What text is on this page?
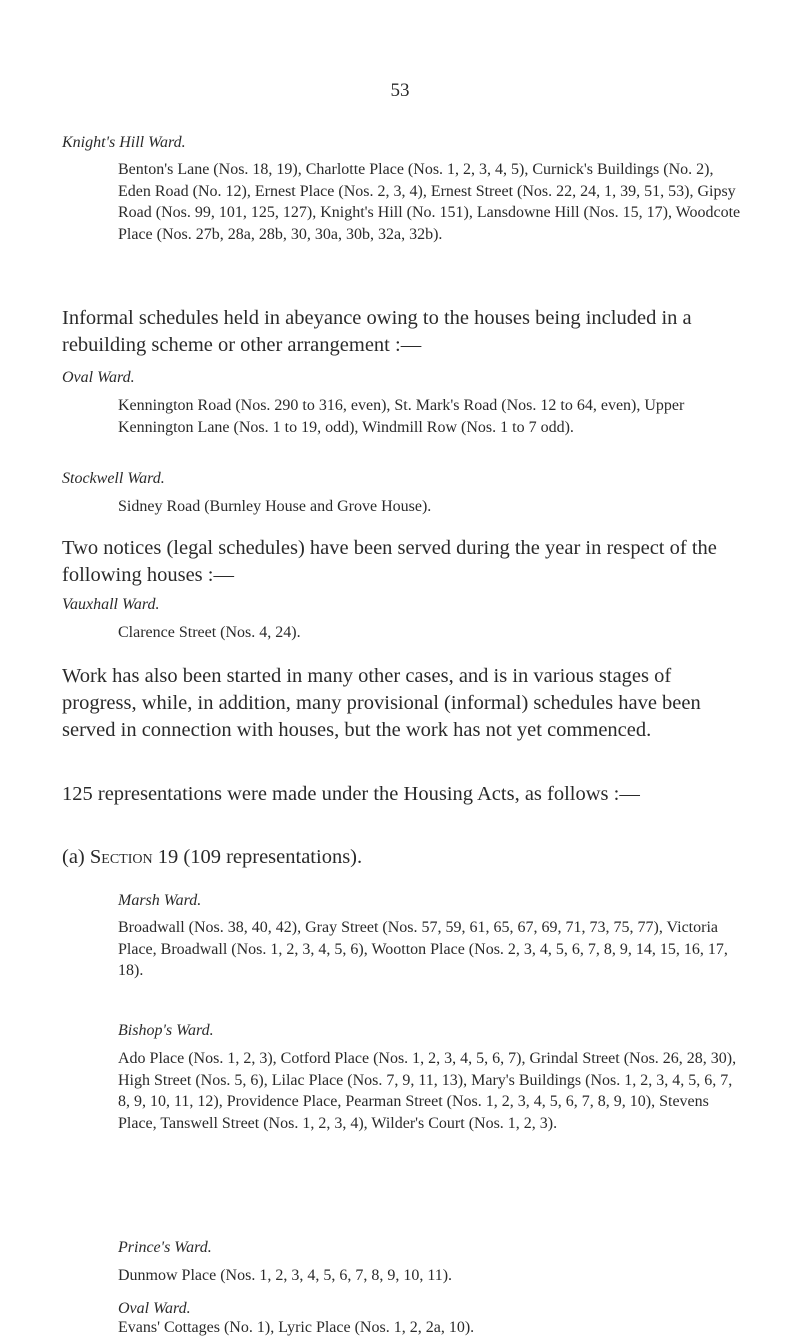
53
Knight's Hill Ward.
Benton's Lane (Nos. 18, 19), Charlotte Place (Nos. 1, 2, 3, 4, 5), Curnick's Buildings (No. 2), Eden Road (No. 12), Ernest Place (Nos. 2, 3, 4), Ernest Street (Nos. 22, 24, 1, 39, 51, 53), Gipsy Road (Nos. 99, 101, 125, 127), Knight's Hill (No. 151), Lansdowne Hill (Nos. 15, 17), Woodcote Place (Nos. 27b, 28a, 28b, 30, 30a, 30b, 32a, 32b).
Informal schedules held in abeyance owing to the houses being included in a rebuilding scheme or other arrangement :—
Oval Ward.
Kennington Road (Nos. 290 to 316, even), St. Mark's Road (Nos. 12 to 64, even), Upper Kennington Lane (Nos. 1 to 19, odd), Windmill Row (Nos. 1 to 7 odd).
Stockwell Ward.
Sidney Road (Burnley House and Grove House).
Two notices (legal schedules) have been served during the year in respect of the following houses :—
Vauxhall Ward.
Clarence Street (Nos. 4, 24).
Work has also been started in many other cases, and is in various stages of progress, while, in addition, many provisional (informal) schedules have been served in connection with houses, but the work has not yet commenced.
125 representations were made under the Housing Acts, as follows :—
(a) Section 19 (109 representations).
Marsh Ward.
Broadwall (Nos. 38, 40, 42), Gray Street (Nos. 57, 59, 61, 65, 67, 69, 71, 73, 75, 77), Victoria Place, Broadwall (Nos. 1, 2, 3, 4, 5, 6), Wootton Place (Nos. 2, 3, 4, 5, 6, 7, 8, 9, 14, 15, 16, 17, 18).
Bishop's Ward.
Ado Place (Nos. 1, 2, 3), Cotford Place (Nos. 1, 2, 3, 4, 5, 6, 7), Grindal Street (Nos. 26, 28, 30), High Street (Nos. 5, 6), Lilac Place (Nos. 7, 9, 11, 13), Mary's Buildings (Nos. 1, 2, 3, 4, 5, 6, 7, 8, 9, 10, 11, 12), Providence Place, Pearman Street (Nos. 1, 2, 3, 4, 5, 6, 7, 8, 9, 10), Stevens Place, Tanswell Street (Nos. 1, 2, 3, 4), Wilder's Court (Nos. 1, 2, 3).
Prince's Ward.
Dunmow Place (Nos. 1, 2, 3, 4, 5, 6, 7, 8, 9, 10, 11).
Oval Ward.
Evans' Cottages (No. 1), Lyric Place (Nos. 1, 2, 2a, 10).
